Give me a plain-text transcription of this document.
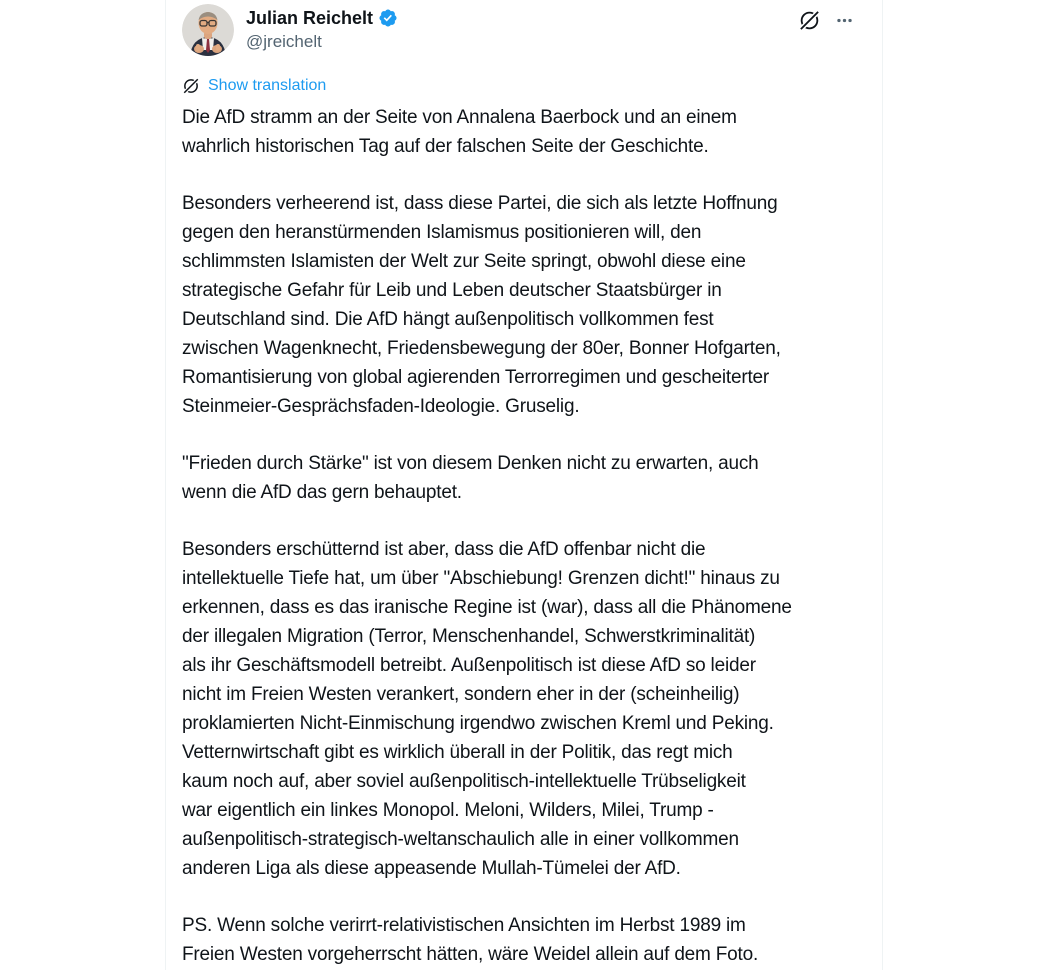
Julian Reichelt
@jreichelt
Show translation

Die AfD stramm an der Seite von Annalena Baerbock und an einem
wahrlich historischen Tag auf der falschen Seite der Geschichte.

Besonders verheerend ist, dass diese Partei, die sich als letzte Hoffnung
gegen den heranstürmenden Islamismus positionieren will, den
schlimmsten Islamisten der Welt zur Seite springt, obwohl diese eine
strategische Gefahr für Leib und Leben deutscher Staatsbürger in
Deutschland sind. Die AfD hängt außenpolitisch vollkommen fest
zwischen Wagenknecht, Friedensbewegung der 80er, Bonner Hofgarten,
Romantisierung von global agierenden Terrorregimen und gescheiterter
Steinmeier-Gesprächsfaden-Ideologie. Gruselig.

"Frieden durch Stärke" ist von diesem Denken nicht zu erwarten, auch
wenn die AfD das gern behauptet.

Besonders erschütternd ist aber, dass die AfD offenbar nicht die
intellektuelle Tiefe hat, um über "Abschiebung! Grenzen dicht!" hinaus zu
erkennen, dass es das iranische Regine ist (war), dass all die Phänomene
der illegalen Migration (Terror, Menschenhandel, Schwerstkriminalität)
als ihr Geschäftsmodell betreibt. Außenpolitisch ist diese AfD so leider
nicht im Freien Westen verankert, sondern eher in der (scheinheilig)
proklamierten Nicht-Einmischung irgendwo zwischen Kreml und Peking.
Vetternwirtschaft gibt es wirklich überall in der Politik, das regt mich
kaum noch auf, aber soviel außenpolitisch-intellektuelle Trübseligkeit
war eigentlich ein linkes Monopol. Meloni, Wilders, Milei, Trump -
außenpolitisch-strategisch-weltanschaulich alle in einer vollkommen
anderen Liga als diese appeasende Mullah-Tümelei der AfD.

PS. Wenn solche verirrt-relativistischen Ansichten im Herbst 1989 im
Freien Westen vorgeherrscht hätten, wäre Weidel allein auf dem Foto.
